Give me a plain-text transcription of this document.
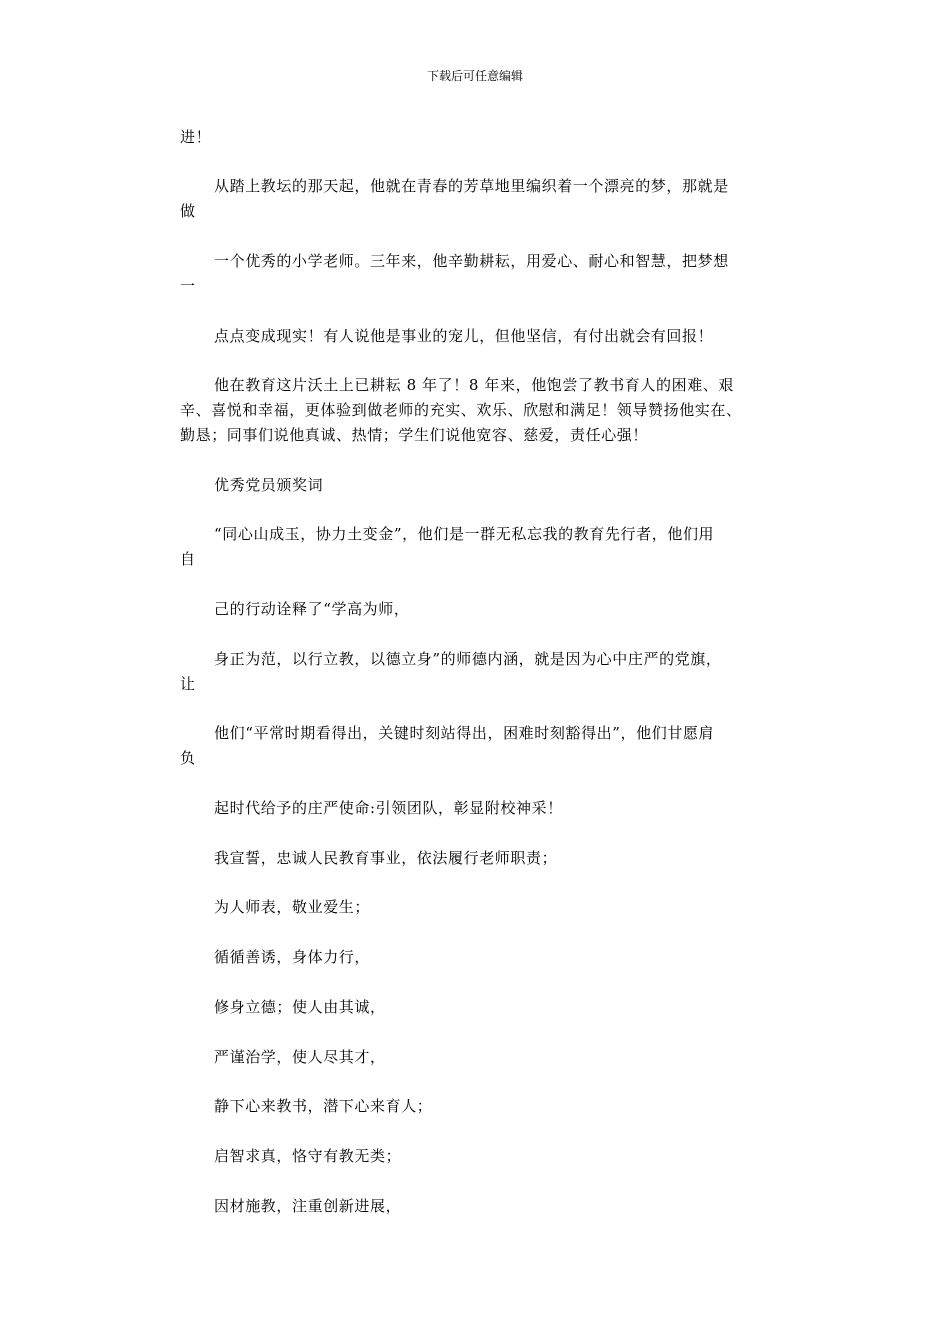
下载后可任意编辑
进！
从踏上教坛的那天起，他就在青春的芳草地里编织着一个漂亮的梦，那就是
做
一个优秀的小学老师。三年来，他辛勤耕耘，用爱心、耐心和智慧，把梦想
一
点点变成现实！有人说他是事业的宠儿，但他坚信，有付出就会有回报！
他在教育这片沃土上已耕耘 8 年了！8 年来，他饱尝了教书育人的困难、艰
辛、喜悦和幸福，更体验到做老师的充实、欢乐、欣慰和满足！领导赞扬他实在、
勤恳；同事们说他真诚、热情；学生们说他宽容、慈爱，责任心强！
优秀党员颁奖词
“同心山成玉，协力土变金”，他们是一群无私忘我的教育先行者，他们用
自
己的行动诠释了“学高为师，
身正为范，以行立教，以德立身”的师德内涵，就是因为心中庄严的党旗，
让
他们“平常时期看得出，关键时刻站得出，困难时刻豁得出”，他们甘愿肩
负
起时代给予的庄严使命:引领团队，彰显附校神采！
我宣誓，忠诚人民教育事业，依法履行老师职责；
为人师表，敬业爱生；
循循善诱，身体力行，
修身立德；使人由其诚，
严谨治学，使人尽其才，
静下心来教书，潜下心来育人；
启智求真，恪守有教无类；
因材施教，注重创新进展，
